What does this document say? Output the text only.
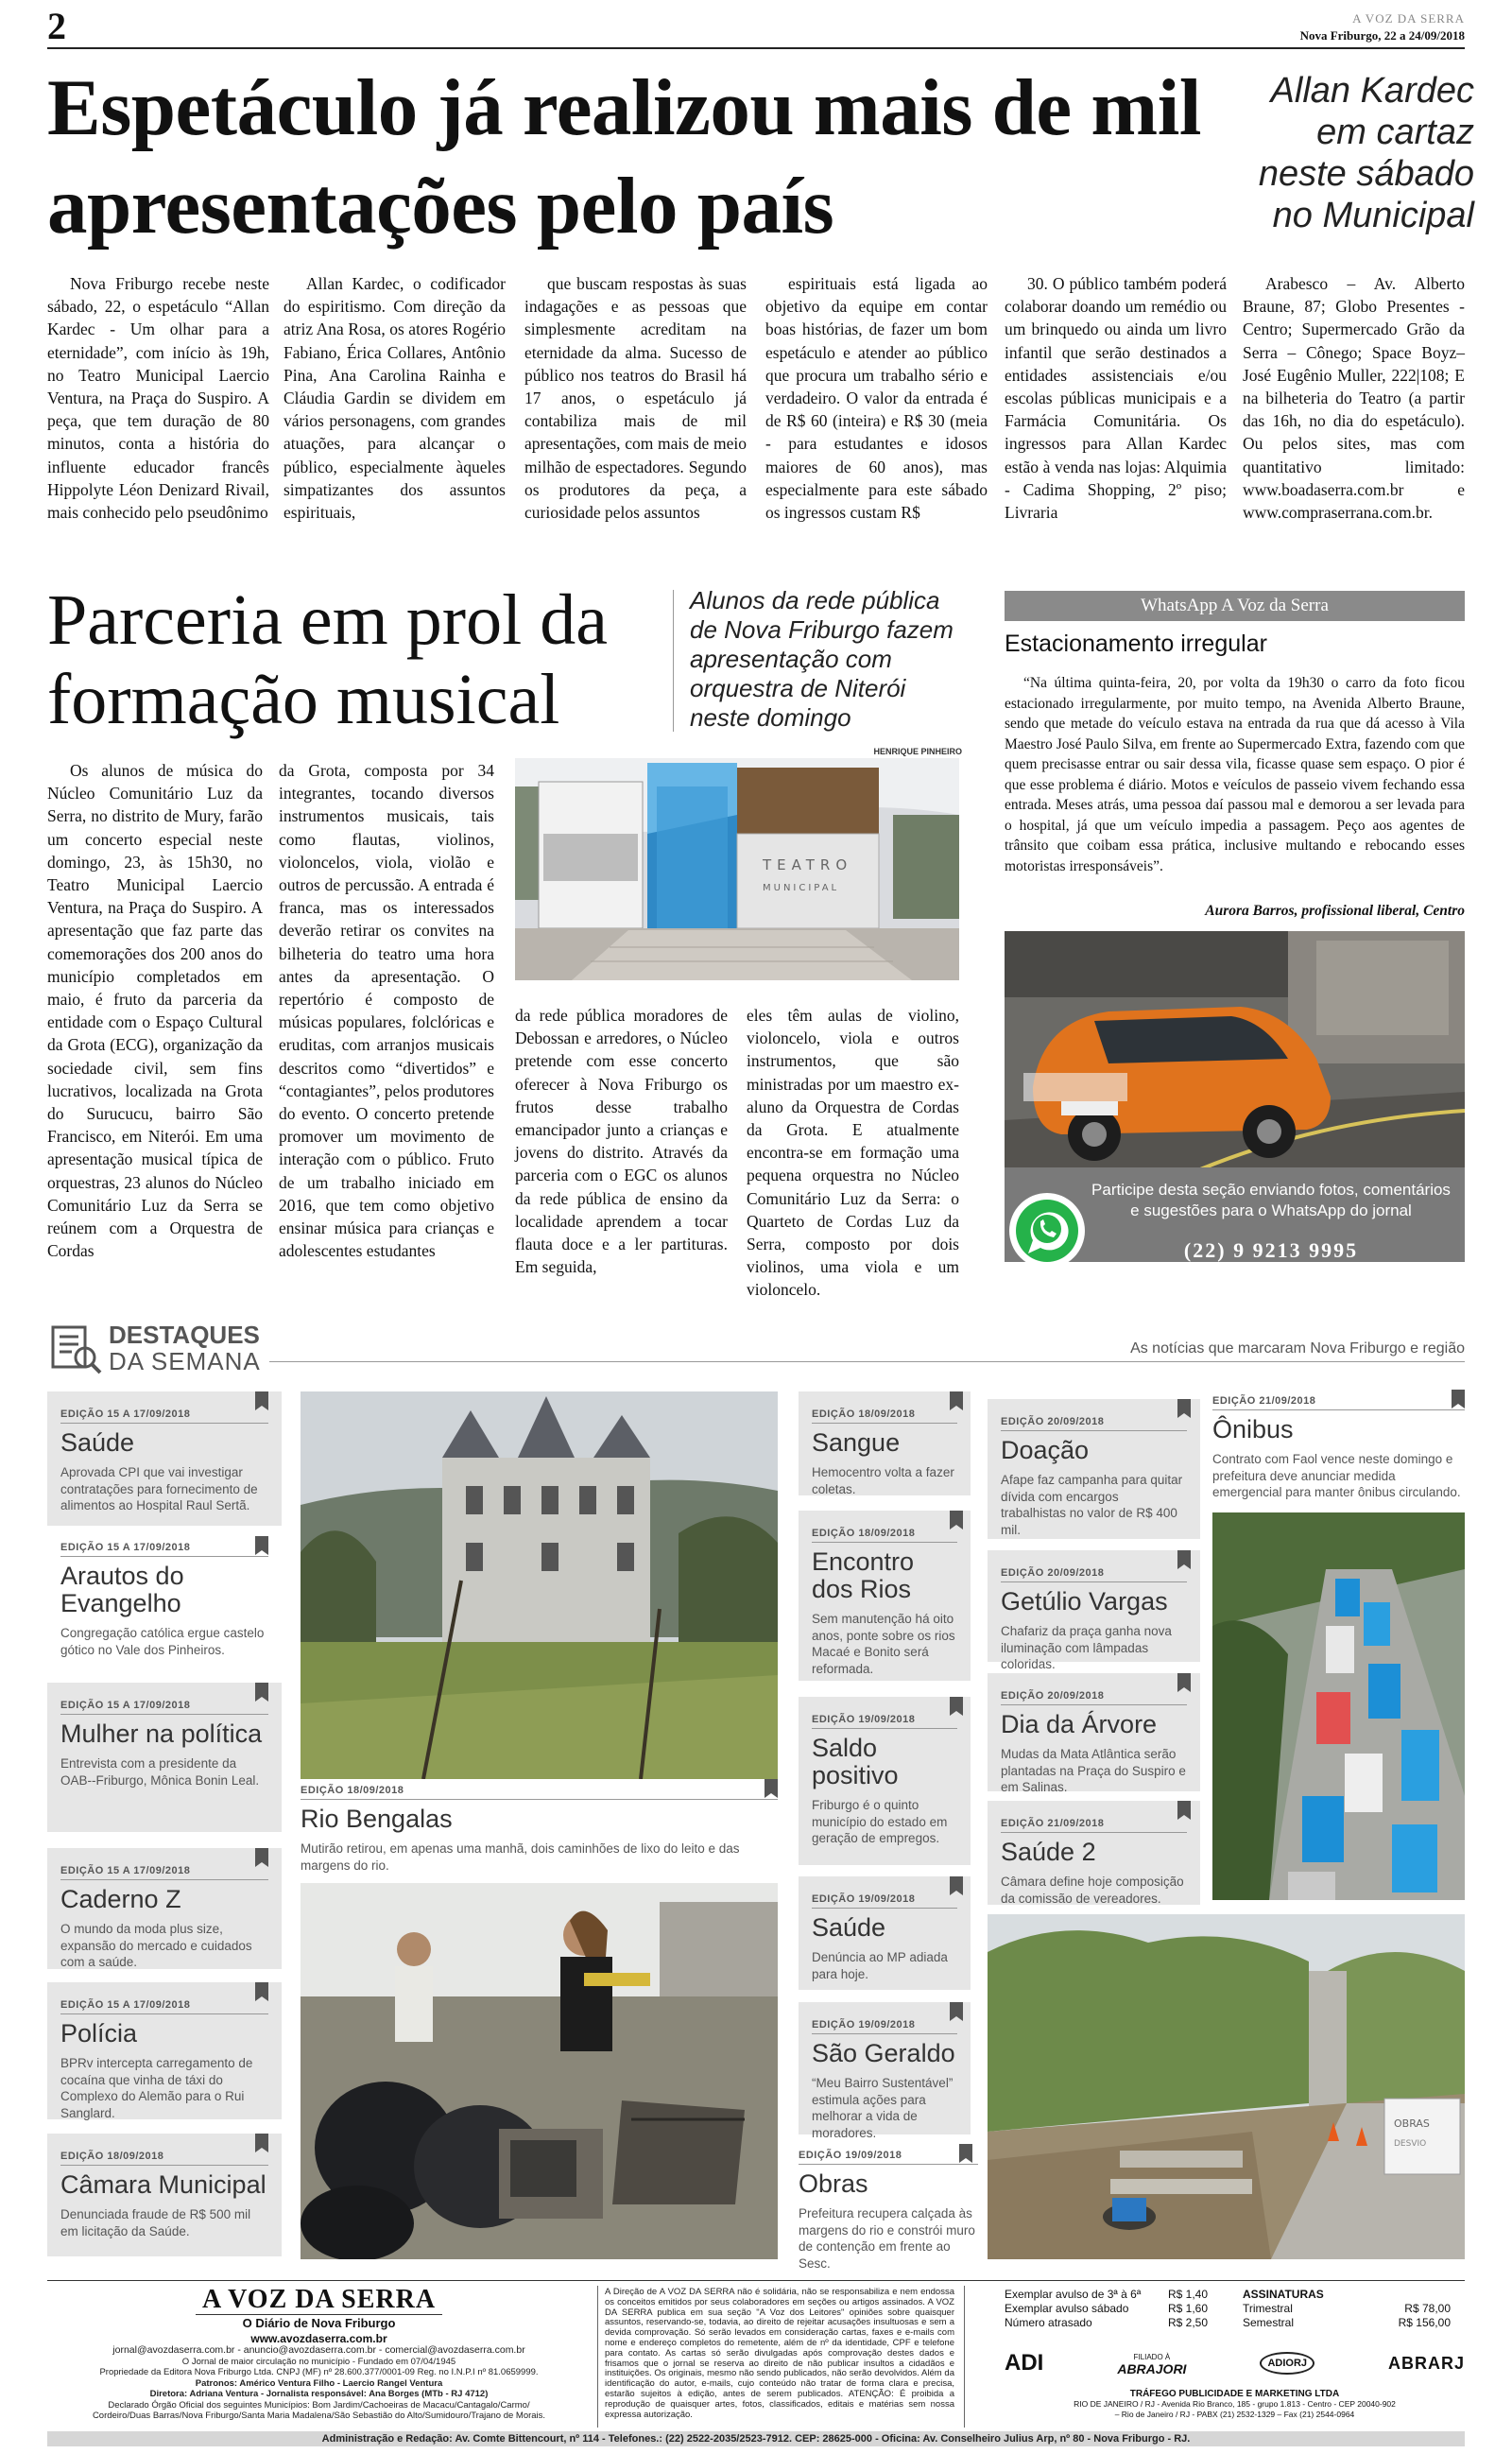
2	A VOZ DA SERRA
Nova Friburgo, 22 a 24/09/2018
Espetáculo já realizou mais de mil apresentações pelo país
Allan Kardec em cartaz neste sábado no Municipal

Nova Friburgo recebe neste sábado, 22, o espetáculo “Allan Kardec - Um olhar para a eternidade”, com início às 19h, no Teatro Municipal Laercio Ventura, na Praça do Suspiro. A peça, que tem duração de 80 minutos, conta a história do influente educador francês Hippolyte Léon Denizard Rivail, mais conhecido pelo pseudônimo

Allan Kardec, o codificador do espiritismo. Com direção da atriz Ana Rosa, os atores Rogério Fabiano, Érica Collares, Antônio Pina, Ana Carolina Rainha e Cláudia Gardin se dividem em vários personagens, com grandes atuações, para alcançar o público, especialmente àqueles simpatizantes dos assuntos espirituais,

que buscam respostas às suas indagações e as pessoas que simplesmente acreditam na eternidade da alma. Sucesso de público nos teatros do Brasil há 17 anos, o espetáculo já contabiliza mais de mil apresentações, com mais de meio milhão de espectadores. Segundo os produtores da peça, a curiosidade pelos assuntos

espirituais está ligada ao objetivo da equipe em contar boas histórias, de fazer um bom espetáculo e atender ao público que procura um trabalho sério e verdadeiro. O valor da entrada é de R$ 60 (inteira) e R$ 30 (meia - para estudantes e idosos maiores de 60 anos), mas especialmente para este sábado os ingressos custam R$

30. O público também poderá colaborar doando um remédio ou um brinquedo ou ainda um livro infantil que serão destinados a entidades assistenciais e/ou escolas públicas municipais e a Farmácia Comunitária. Os ingressos para Allan Kardec estão à venda nas lojas: Alquimia - Cadima Shopping, 2º piso; Livraria

Arabesco – Av. Alberto Braune, 87; Globo Presentes - Centro; Supermercado Grão da Serra – Cônego; Space Boyz– José Eugênio Muller, 222|108; E na bilheteria do Teatro (a partir das 16h, no dia do espetáculo). Ou pelos sites, mas com quantitativo limitado: www.boadaserra.com.br e www.compraserrana.com.br.

Parceria em prol da formação musical
Alunos da rede pública de Nova Friburgo fazem apresentação com orquestra de Niterói neste domingo
HENRIQUE PINHEIRO
TEATRO
MUNICIPAL

Os alunos de música do Núcleo Comunitário Luz da Serra, no distrito de Mury, farão um concerto especial neste domingo, 23, às 15h30, no Teatro Municipal Laercio Ventura, na Praça do Suspiro. A apresentação que faz parte das comemorações dos 200 anos do município completados em maio, é fruto da parceria da entidade com o Espaço Cultural da Grota (ECG), organização da sociedade civil, sem fins lucrativos, localizada na Grota do Surucucu, bairro São Francisco, em Niterói. Em uma apresentação musical típica de orquestras, 23 alunos do Núcleo Comunitário Luz da Serra se reúnem com a Orquestra de Cordas

da Grota, composta por 34 integrantes, tocando diversos instrumentos musicais, tais como flautas, violinos, violoncelos, viola, violão e outros de percussão. A entrada é franca, mas os interessados deverão retirar os convites na bilheteria do teatro uma hora antes da apresentação. O repertório é composto de músicas populares, folclóricas e eruditas, com arranjos musicais descritos como “divertidos” e “contagiantes”, pelos produtores do evento. O concerto pretende promover um movimento de interação com o público. Fruto de um trabalho iniciado em 2016, que tem como objetivo ensinar música para crianças e adolescentes estudantes

da rede pública moradores de Debossan e arredores, o Núcleo pretende com esse concerto oferecer à Nova Friburgo os frutos desse trabalho emancipador junto a crianças e jovens do distrito. Através da parceria com o EGC os alunos da rede pública de ensino da localidade aprendem a tocar flauta doce e a ler partituras. Em seguida,

eles têm aulas de violino, violoncelo, viola e outros instrumentos, que são ministradas por um maestro ex-aluno da Orquestra de Cordas da Grota. E atualmente encontra-se em formação uma pequena orquestra no Núcleo Comunitário Luz da Serra: o Quarteto de Cordas Luz da Serra, composto por dois violinos, uma viola e um violoncelo.

WhatsApp A Voz da Serra
Estacionamento irregular
“Na última quinta-feira, 20, por volta da 19h30 o carro da foto ficou estacionado irregularmente, por muito tempo, na Avenida Alberto Braune, sendo que metade do veículo estava na entrada da rua que dá acesso à Vila Maestro José Paulo Silva, em frente ao Supermercado Extra, fazendo com que quem precisasse entrar ou sair dessa vila, ficasse quase sem espaço. O pior é que esse problema é diário. Motos e veículos de passeio vivem fechando essa entrada. Meses atrás, uma pessoa daí passou mal e demorou a ser levada para o hospital, já que um veículo impedia a passagem. Peço aos agentes de trânsito que coibam essa prática, inclusive multando e rebocando esses motoristas irresponsáveis”.
Aurora Barros, profissional liberal, Centro
Participe desta seção enviando fotos, comentários e sugestões para o WhatsApp do jornal
(22) 9 9213 9995
DESTAQUES
DA SEMANA	As notícias que marcaram Nova Friburgo e região
EDIÇÃO 15 A 17/09/2018
Saúde
Aprovada CPI que vai investigar contratações para fornecimento de alimentos ao Hospital Raul Sertã.
EDIÇÃO 15 A 17/09/2018
Arautos do Evangelho
Congregação católica ergue castelo gótico no Vale dos Pinheiros.
EDIÇÃO 15 A 17/09/2018
Mulher na política
Entrevista com a presidente da OAB--Friburgo, Mônica Bonin Leal.
EDIÇÃO 15 A 17/09/2018
Caderno Z
O mundo da moda plus size, expansão do mercado e cuidados com a saúde.
EDIÇÃO 15 A 17/09/2018
Polícia
BPRv intercepta carregamento de cocaína que vinha de táxi do Complexo do Alemão para o Rui Sanglard.
EDIÇÃO 18/09/2018
Câmara Municipal
Denunciada fraude de R$ 500 mil em licitação da Saúde.
EDIÇÃO 18/09/2018
Rio Bengalas
Mutirão retirou, em apenas uma manhã, dois caminhões de lixo do leito e das margens do rio.
EDIÇÃO 18/09/2018
Sangue
Hemocentro volta a fazer coletas.
EDIÇÃO 18/09/2018
Encontro dos Rios
Sem manutenção há oito anos, ponte sobre os rios Macaé e Bonito será reformada.
EDIÇÃO 19/09/2018
Saldo positivo
Friburgo é o quinto município do estado em geração de empregos.
EDIÇÃO 19/09/2018
Saúde
Denúncia ao MP adiada para hoje.
EDIÇÃO 19/09/2018
São Geraldo
“Meu Bairro Sustentável” estimula ações para melhorar a vida de moradores.
EDIÇÃO 19/09/2018
Obras
Prefeitura recupera calçada às margens do rio e constrói muro de contenção em frente ao Sesc.
EDIÇÃO 20/09/2018
Doação
Afape faz campanha para quitar dívida com encargos trabalhistas no valor de R$ 400 mil.
EDIÇÃO 20/09/2018
Getúlio Vargas
Chafariz da praça ganha nova iluminação com lâmpadas coloridas.
EDIÇÃO 20/09/2018
Dia da Árvore
Mudas da Mata Atlântica serão plantadas na Praça do Suspiro e em Salinas.
EDIÇÃO 21/09/2018
Saúde 2
Câmara define hoje composição da comissão de vereadores.
EDIÇÃO 21/09/2018
Ônibus
Contrato com Faol vence neste domingo e prefeitura deve anunciar medida emergencial para manter ônibus circulando.
OBRAS
DESVIO
A VOZ DA SERRA
O Diário de Nova Friburgo
www.avozdaserra.com.br
jornal@avozdaserra.com.br - anuncio@avozdaserra.com.br - comercial@avozdaserra.com.br
O Jornal de maior circulação no município - Fundado em 07/04/1945
Propriedade da Editora Nova Friburgo Ltda. CNPJ (MF) nº 28.600.377/0001-09 Reg. no I.N.P.I nº 81.0659999.
Patronos: Américo Ventura Filho - Laercio Rangel Ventura
Diretora: Adriana Ventura - Jornalista responsável: Ana Borges (MTb - RJ 4712)
Declarado Órgão Oficial dos seguintes Municípios: Bom Jardim/Cachoeiras de Macacu/Cantagalo/Carmo/
Cordeiro/Duas Barras/Nova Friburgo/Santa Maria Madalena/São Sebastião do Alto/Sumidouro/Trajano de Morais.
A Direção de A VOZ DA SERRA não é solidária, não se responsabiliza e nem endossa os conceitos emitidos por seus colaboradores em seções ou artigos assinados. A VOZ DA SERRA publica em sua seção "A Voz dos Leitores" opiniões sobre quaisquer assuntos, reservando-se, todavia, ao direito de rejeitar acusações insultuosas e sem a devida comprovação. Só serão levados em consideração cartas, faxes e e-mails com nome e endereço completos do remetente, além de nº da identidade, CPF e telefone para contato. As cartas só serão divulgadas após comprovação destes dados e frisamos que o jornal se reserva ao direito de não publicar insultos a cidadãos e instituições. Os originais, mesmo não sendo publicados, não serão devolvidos. Além da identificação do autor, e-mails, cujo conteúdo não tratar de forma clara e precisa, estarão sujeitos à edição, antes de serem publicados. ATENÇÃO: É proibida a reprodução de quaisquer artes, fotos, classificados, editais e matérias sem nossa expressa autorização.
Exemplar avulso de 3ª à 6ª R$ 1,40
Exemplar avulso sábado	R$ 1,60
Número atrasado	R$ 2,50
ASSINATURAS
Trimestral	R$ 78,00
Semestral	R$ 156,00
ADI	FILIADO À
ABRAJORI	ADIORJ	ABRARJ
TRÁFEGO PUBLICIDADE E MARKETING LTDA
RIO DE JANEIRO / RJ - Avenida Rio Branco, 185 - grupo 1.813 - Centro - CEP 20040-902
– Rio de Janeiro / RJ - PABX (21) 2532-1329 – Fax (21) 2544-0964
Administração e Redação: Av. Comte Bittencourt, nº 114 - Telefones.: (22) 2522-2035/2523-7912. CEP: 28625-000 - Oficina: Av. Conselheiro Julius Arp, nº 80 - Nova Friburgo - RJ.
